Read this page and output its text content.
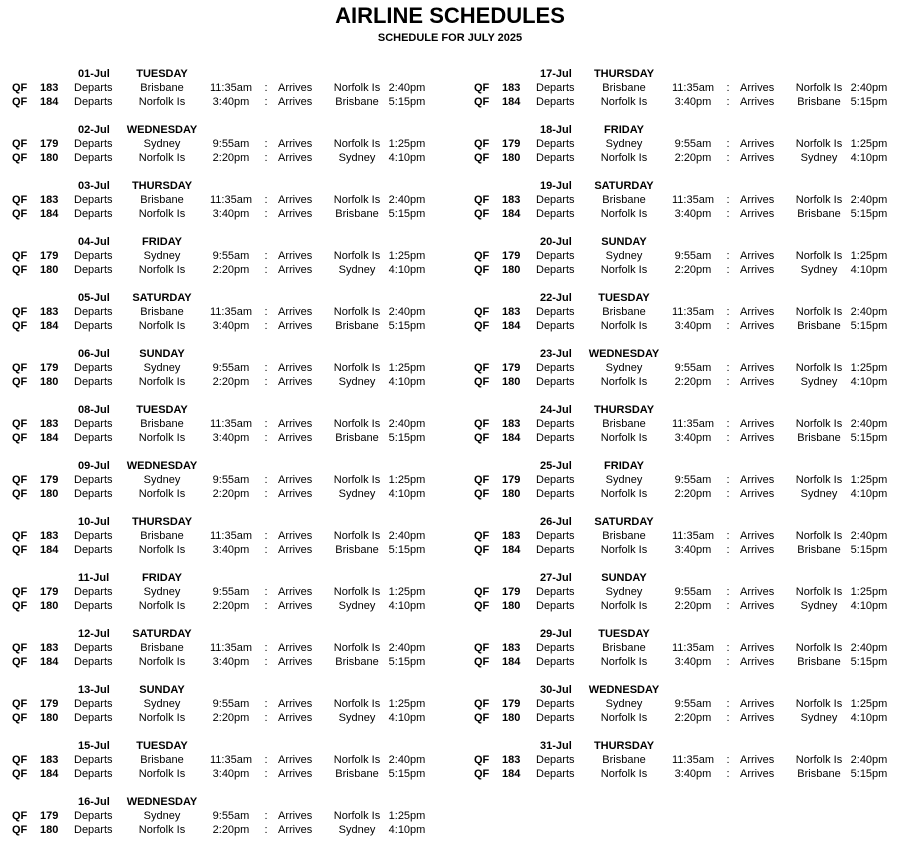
AIRLINE SCHEDULES
SCHEDULE FOR JULY 2025
01-Jul	TUESDAY
QF	183	Departs	Brisbane	11:35am : Arrives	Norfolk Is 2:40pm
QF	184	Departs	Norfolk Is	3:40pm	: Arrives	Brisbane 5:15pm
02-Jul	WEDNESDAY
QF	179	Departs	Sydney	9:55am	: Arrives	Norfolk Is 1:25pm
QF	180	Departs	Norfolk Is	2:20pm	: Arrives	Sydney	4:10pm
03-Jul	THURSDAY
QF	183	Departs	Brisbane	11:35am : Arrives	Norfolk Is 2:40pm
QF	184	Departs	Norfolk Is	3:40pm	: Arrives	Brisbane 5:15pm
04-Jul	FRIDAY
QF	179	Departs	Sydney	9:55am	: Arrives	Norfolk Is 1:25pm
QF	180	Departs	Norfolk Is	2:20pm	: Arrives	Sydney	4:10pm
05-Jul	SATURDAY
QF	183	Departs	Brisbane	11:35am : Arrives	Norfolk Is 2:40pm
QF	184	Departs	Norfolk Is	3:40pm	: Arrives	Brisbane 5:15pm
06-Jul	SUNDAY
QF	179	Departs	Sydney	9:55am	: Arrives	Norfolk Is 1:25pm
QF	180	Departs	Norfolk Is	2:20pm	: Arrives	Sydney	4:10pm
08-Jul	TUESDAY
QF	183	Departs	Brisbane	11:35am : Arrives	Norfolk Is 2:40pm
QF	184	Departs	Norfolk Is	3:40pm	: Arrives	Brisbane 5:15pm
09-Jul	WEDNESDAY
QF	179	Departs	Sydney	9:55am	: Arrives	Norfolk Is 1:25pm
QF	180	Departs	Norfolk Is	2:20pm	: Arrives	Sydney	4:10pm
10-Jul	THURSDAY
QF	183	Departs	Brisbane	11:35am : Arrives	Norfolk Is 2:40pm
QF	184	Departs	Norfolk Is	3:40pm	: Arrives	Brisbane 5:15pm
11-Jul	FRIDAY
QF	179	Departs	Sydney	9:55am	: Arrives	Norfolk Is 1:25pm
QF	180	Departs	Norfolk Is	2:20pm	: Arrives	Sydney	4:10pm
12-Jul	SATURDAY
QF	183	Departs	Brisbane	11:35am : Arrives	Norfolk Is 2:40pm
QF	184	Departs	Norfolk Is	3:40pm	: Arrives	Brisbane 5:15pm
13-Jul	SUNDAY
QF	179	Departs	Sydney	9:55am	: Arrives	Norfolk Is 1:25pm
QF	180	Departs	Norfolk Is	2:20pm	: Arrives	Sydney	4:10pm
15-Jul	TUESDAY
QF	183	Departs	Brisbane	11:35am : Arrives	Norfolk Is 2:40pm
QF	184	Departs	Norfolk Is	3:40pm	: Arrives	Brisbane 5:15pm
16-Jul	WEDNESDAY
QF	179	Departs	Sydney	9:55am	: Arrives	Norfolk Is 1:25pm
QF	180	Departs	Norfolk Is	2:20pm	: Arrives	Sydney	4:10pm
17-Jul	THURSDAY
QF	183	Departs	Brisbane	11:35am : Arrives	Norfolk Is 2:40pm
QF	184	Departs	Norfolk Is	3:40pm	: Arrives	Brisbane 5:15pm
18-Jul	FRIDAY
QF	179	Departs	Sydney	9:55am	: Arrives	Norfolk Is 1:25pm
QF	180	Departs	Norfolk Is	2:20pm	: Arrives	Sydney	4:10pm
19-Jul	SATURDAY
QF	183	Departs	Brisbane	11:35am : Arrives	Norfolk Is 2:40pm
QF	184	Departs	Norfolk Is	3:40pm	: Arrives	Brisbane 5:15pm
20-Jul	SUNDAY
QF	179	Departs	Sydney	9:55am	: Arrives	Norfolk Is 1:25pm
QF	180	Departs	Norfolk Is	2:20pm	: Arrives	Sydney	4:10pm
22-Jul	TUESDAY
QF	183	Departs	Brisbane	11:35am : Arrives	Norfolk Is 2:40pm
QF	184	Departs	Norfolk Is	3:40pm	: Arrives	Brisbane 5:15pm
23-Jul	WEDNESDAY
QF	179	Departs	Sydney	9:55am	: Arrives	Norfolk Is 1:25pm
QF	180	Departs	Norfolk Is	2:20pm	: Arrives	Sydney	4:10pm
24-Jul	THURSDAY
QF	183	Departs	Brisbane	11:35am : Arrives	Norfolk Is 2:40pm
QF	184	Departs	Norfolk Is	3:40pm	: Arrives	Brisbane 5:15pm
25-Jul	FRIDAY
QF	179	Departs	Sydney	9:55am	: Arrives	Norfolk Is 1:25pm
QF	180	Departs	Norfolk Is	2:20pm	: Arrives	Sydney	4:10pm
26-Jul	SATURDAY
QF	183	Departs	Brisbane	11:35am : Arrives	Norfolk Is 2:40pm
QF	184	Departs	Norfolk Is	3:40pm	: Arrives	Brisbane 5:15pm
27-Jul	SUNDAY
QF	179	Departs	Sydney	9:55am	: Arrives	Norfolk Is 1:25pm
QF	180	Departs	Norfolk Is	2:20pm	: Arrives	Sydney	4:10pm
29-Jul	TUESDAY
QF	183	Departs	Brisbane	11:35am : Arrives	Norfolk Is 2:40pm
QF	184	Departs	Norfolk Is	3:40pm	: Arrives	Brisbane 5:15pm
30-Jul	WEDNESDAY
QF	179	Departs	Sydney	9:55am	: Arrives	Norfolk Is 1:25pm
QF	180	Departs	Norfolk Is	2:20pm	: Arrives	Sydney	4:10pm
31-Jul	THURSDAY
QF	183	Departs	Brisbane	11:35am : Arrives	Norfolk Is 2:40pm
QF	184	Departs	Norfolk Is	3:40pm	: Arrives	Brisbane 5:15pm
